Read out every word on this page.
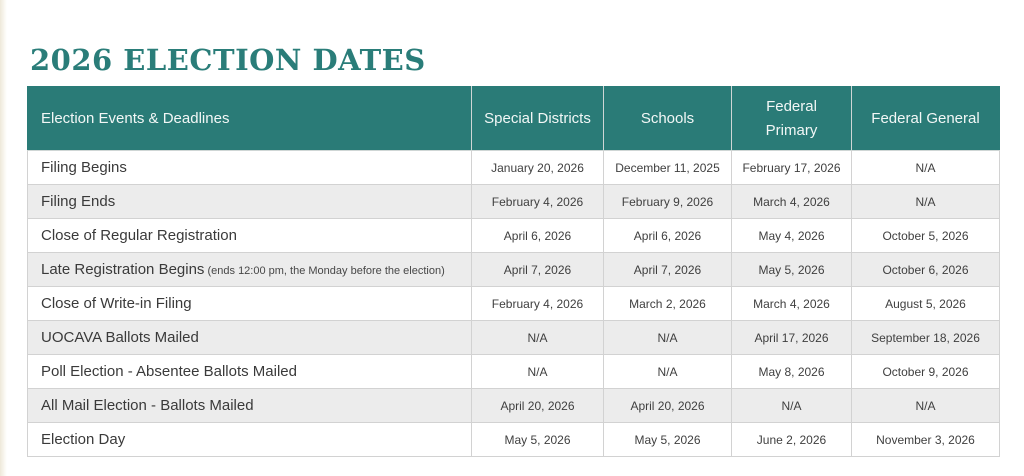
2026 ELECTION DATES
Election Events & Deadlines	Special Districts	Schools	Federal Primary	Federal General
Filing Begins	January 20, 2026	December 11, 2025	February 17, 2026	N/A
Filing Ends	February 4, 2026	February 9, 2026	March 4, 2026	N/A
Close of Regular Registration	April 6, 2026	April 6, 2026	May 4, 2026	October 5, 2026
Late Registration Begins (ends 12:00 pm, the Monday before the election)	April 7, 2026	April 7, 2026	May 5, 2026	October 6, 2026
Close of Write-in Filing	February 4, 2026	March 2, 2026	March 4, 2026	August 5, 2026
UOCAVA Ballots Mailed	N/A	N/A	April 17, 2026	September 18, 2026
Poll Election - Absentee Ballots Mailed	N/A	N/A	May 8, 2026	October 9, 2026
All Mail Election - Ballots Mailed	April 20, 2026	April 20, 2026	N/A	N/A
Election Day	May 5, 2026	May 5, 2026	June 2, 2026	November 3, 2026
